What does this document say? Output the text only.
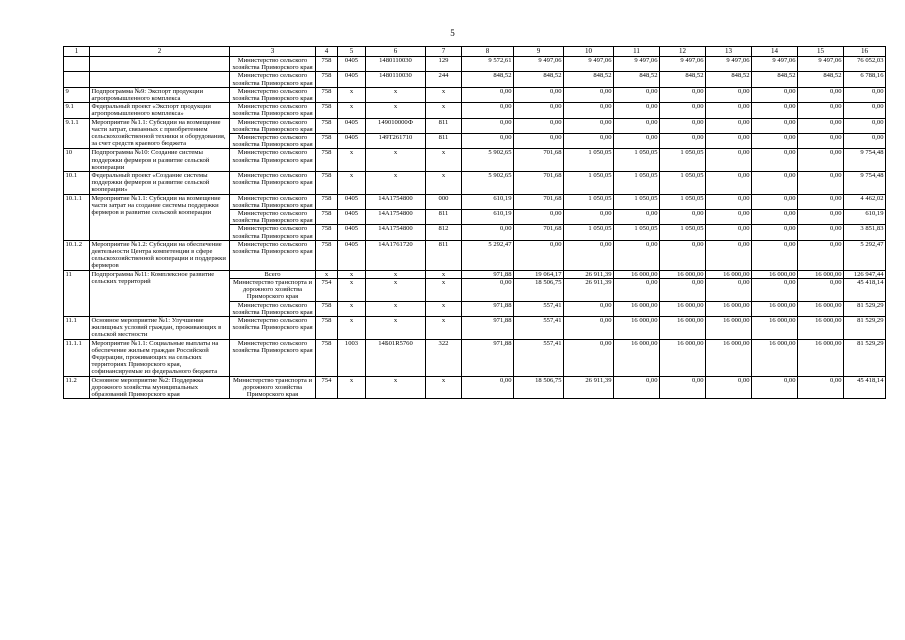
5
1	2	3	4	5	6	7	8	9	10	11	12	13	14	15	16
		Министерство сельского хозяйства Приморского края	758	0405	1480110030	129	9 572,61	9 497,06	9 497,06	9 497,06	9 497,06	9 497,06	9 497,06	9 497,06	76 052,03
		Министерство сельского хозяйства Приморского края	758	0405	1480110030	244	848,52	848,52	848,52	848,52	848,52	848,52	848,52	848,52	6 788,16
9	Подпрограмма №9: Экспорт продукции агропромышленного комплекса	Министерство сельского хозяйства Приморского края	758	х	х	х	0,00	0,00	0,00	0,00	0,00	0,00	0,00	0,00	0,00
9.1	Федеральный проект «Экспорт продукции агропромышленного комплекса»	Министерство сельского хозяйства Приморского края	758	х	х	х	0,00	0,00	0,00	0,00	0,00	0,00	0,00	0,00	0,00
9.1.1	Мероприятие №1.1: Субсидии на возмещение части затрат, связанных с приобретением сельскохозяйственной техники и оборудования, за счет средств краевого бюджета	Министерство сельского хозяйства Приморского края	758	0405	149010000Ф	811	0,00	0,00	0,00	0,00	0,00	0,00	0,00	0,00	0,00
		Министерство сельского хозяйства Приморского края	758	0405	149T261710	811	0,00	0,00	0,00	0,00	0,00	0,00	0,00	0,00	0,00
10	Подпрограмма №10: Создание системы поддержки фермеров и развитие сельской кооперации	Министерство сельского хозяйства Приморского края	758	х	х	х	5 902,65	701,68	1 050,05	1 050,05	1 050,05	0,00	0,00	0,00	9 754,48
10.1	Федеральный проект «Создание системы поддержки фермеров и развитие сельской кооперации»	Министерство сельского хозяйства Приморского края	758	х	х	х	5 902,65	701,68	1 050,05	1 050,05	1 050,05	0,00	0,00	0,00	9 754,48
10.1.1	Мероприятие №1.1: Субсидии на возмещение части затрат на создание системы поддержки фермеров и развитие сельской кооперации	Министерство сельского хозяйства Приморского края	758	0405	14A1754800	000	610,19	701,68	1 050,05	1 050,05	1 050,05	0,00	0,00	0,00	4 462,02
		Министерство сельского хозяйства Приморского края	758	0405	14A1754800	811	610,19	0,00	0,00	0,00	0,00	0,00	0,00	0,00	610,19
		Министерство сельского хозяйства Приморского края	758	0405	14A1754800	812	0,00	701,68	1 050,05	1 050,05	1 050,05	0,00	0,00	0,00	3 851,83
10.1.2	Мероприятие №1.2: Субсидии на обеспечение деятельности Центра компетенции в сфере сельскохозяйственной кооперации и поддержки фермеров	Министерство сельского хозяйства Приморского края	758	0405	14A1761720	811	5 292,47	0,00	0,00	0,00	0,00	0,00	0,00	0,00	5 292,47
11	Подпрограмма №11: Комплексное развитие сельских территорий	Всего	х	х	х	х	971,88	19 064,17	26 911,39	16 000,00	16 000,00	16 000,00	16 000,00	16 000,00	126 947,44
		Министерство транспорта и дорожного хозяйства Приморского края	754	х	х	х	0,00	18 506,75	26 911,39	0,00	0,00	0,00	0,00	0,00	45 418,14
		Министерство сельского хозяйства Приморского края	758	х	х	х	971,88	557,41	0,00	16 000,00	16 000,00	16 000,00	16 000,00	16 000,00	81 529,29
11.1	Основное мероприятие №1: Улучшение жилищных условий граждан, проживающих в сельской местности	Министерство сельского хозяйства Приморского края	758	х	х	х	971,88	557,41	0,00	16 000,00	16 000,00	16 000,00	16 000,00	16 000,00	81 529,29
11.1.1	Мероприятие №1.1: Социальные выплаты на обеспечение жильем граждан Российской Федерации, проживающих на сельских территориях Приморского края, софинансируемые из федерального бюджета	Министерство сельского хозяйства Приморского края	758	1003	14Б01R5760	322	971,88	557,41	0,00	16 000,00	16 000,00	16 000,00	16 000,00	16 000,00	81 529,29
11.2	Основное мероприятие №2: Поддержка дорожного хозяйства муниципальных образований Приморского края	Министерство транспорта и дорожного хозяйства Приморского края	754	х	х	х	0,00	18 506,75	26 911,39	0,00	0,00	0,00	0,00	0,00	45 418,14
